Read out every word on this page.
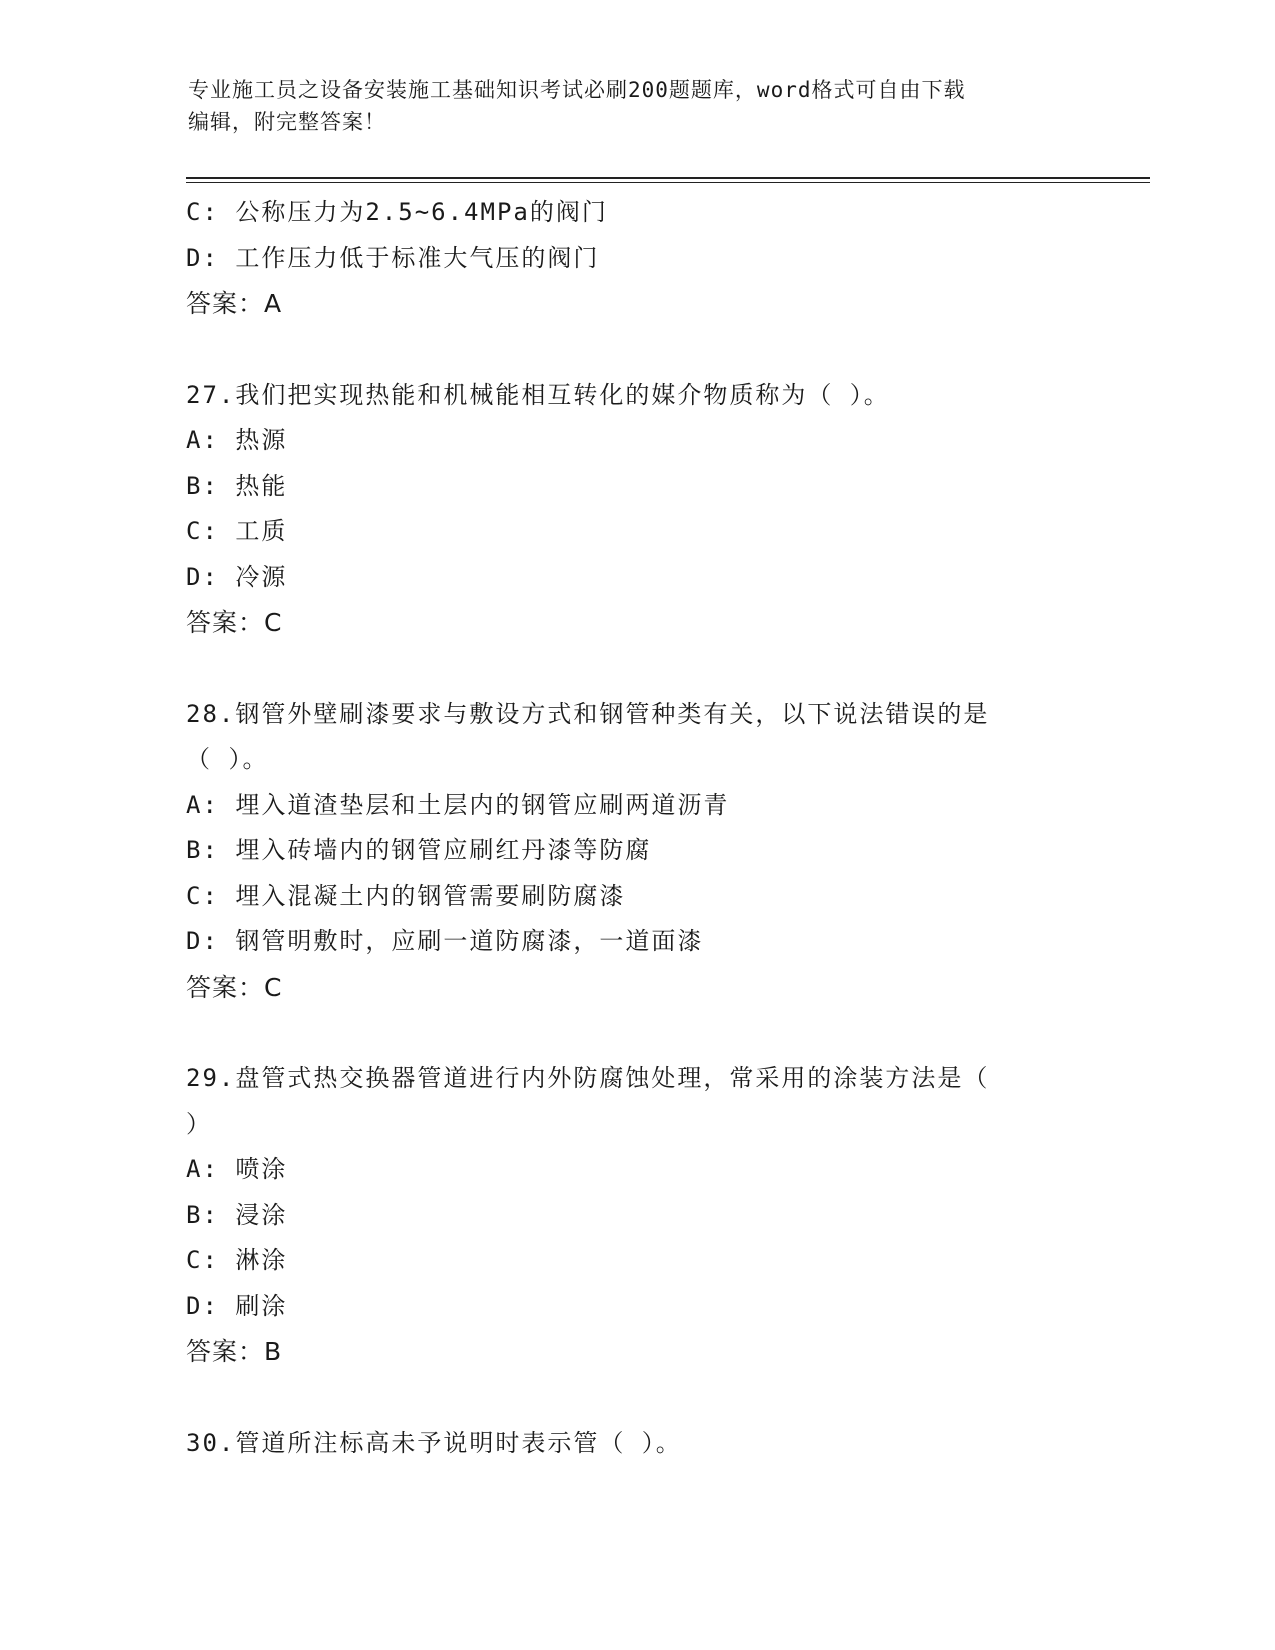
专业施工员之设备安装施工基础知识考试必刷200题题库，word格式可自由下载
编辑，附完整答案！
C: 公称压力为2.5~6.4MPa的阀门
D: 工作压力低于标准大气压的阀门
答案：A
27.我们把实现热能和机械能相互转化的媒介物质称为（ ）。
A: 热源
B: 热能
C: 工质
D: 冷源
答案：C
28.钢管外壁刷漆要求与敷设方式和钢管种类有关，以下说法错误的是
（ ）。
A: 埋入道渣垫层和土层内的钢管应刷两道沥青
B: 埋入砖墙内的钢管应刷红丹漆等防腐
C: 埋入混凝土内的钢管需要刷防腐漆
D: 钢管明敷时，应刷一道防腐漆，一道面漆
答案：C
29.盘管式热交换器管道进行内外防腐蚀处理，常采用的涂装方法是（
）
A: 喷涂
B: 浸涂
C: 淋涂
D: 刷涂
答案：B
30.管道所注标高未予说明时表示管（ ）。
